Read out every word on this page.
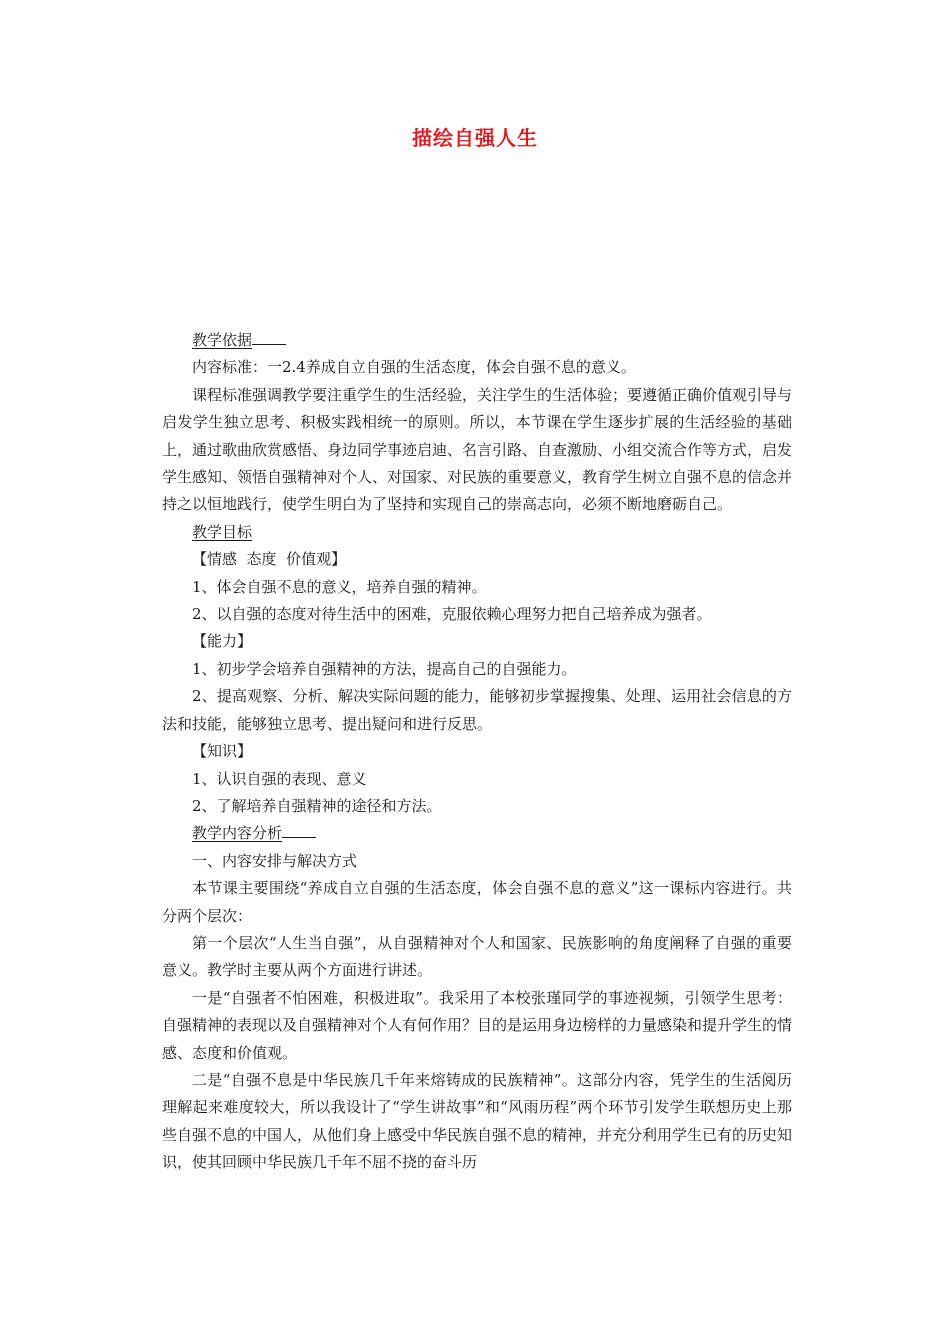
描绘自强人生

教学依据

内容标准：一2.4养成自立自强的生活态度，体会自强不息的意义。

课程标准强调教学要注重学生的生活经验，关注学生的生活体验；要遵循正确价值观引导与启发学生独立思考、积极实践相统一的原则。所以，本节课在学生逐步扩展的生活经验的基础上，通过歌曲欣赏感悟、身边同学事迹启迪、名言引路、自查激励、小组交流合作等方式，启发学生感知、领悟自强精神对个人、对国家、对民族的重要意义，教育学生树立自强不息的信念并持之以恒地践行，使学生明白为了坚持和实现自己的崇高志向，必须不断地磨砺自己。

教学目标

【情感  态度  价值观】

1、体会自强不息的意义，培养自强的精神。

2、以自强的态度对待生活中的困难，克服依赖心理努力把自己培养成为强者。

【能力】

1、初步学会培养自强精神的方法，提高自己的自强能力。

2、提高观察、分析、解决实际问题的能力，能够初步掌握搜集、处理、运用社会信息的方法和技能，能够独立思考、提出疑问和进行反思。

【知识】

1、认识自强的表现、意义

2、了解培养自强精神的途径和方法。

教学内容分析

一、内容安排与解决方式

本节课主要围绕“养成自立自强的生活态度，体会自强不息的意义”这一课标内容进行。共分两个层次：

第一个层次“人生当自强”，从自强精神对个人和国家、民族影响的角度阐释了自强的重要意义。教学时主要从两个方面进行讲述。

一是“自强者不怕困难，积极进取”。我采用了本校张瑾同学的事迹视频，引领学生思考：自强精神的表现以及自强精神对个人有何作用？目的是运用身边榜样的力量感染和提升学生的情感、态度和价值观。

二是“自强不息是中华民族几千年来熔铸成的民族精神”。这部分内容，凭学生的生活阅历理解起来难度较大，所以我设计了“学生讲故事”和“风雨历程”两个环节引发学生联想历史上那些自强不息的中国人，从他们身上感受中华民族自强不息的精神，并充分利用学生已有的历史知识，使其回顾中华民族几千年不屈不挠的奋斗历
